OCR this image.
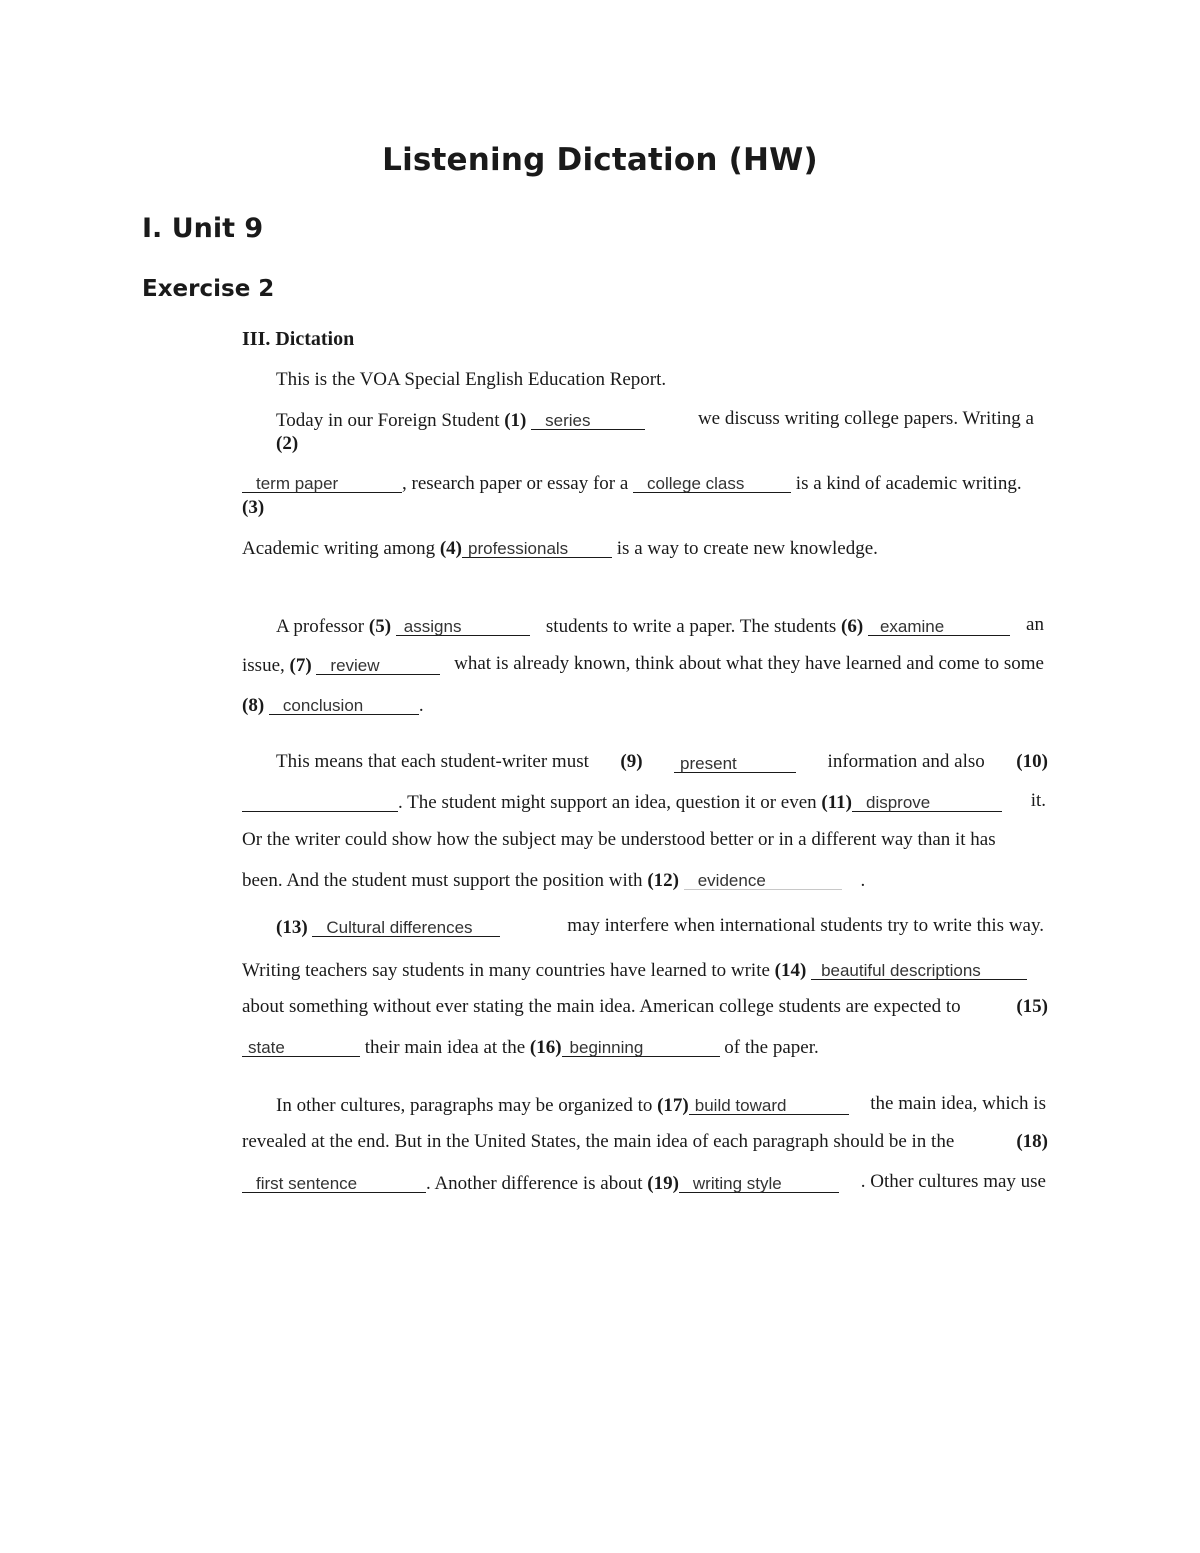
Listening Dictation (HW)
I. Unit 9
Exercise 2
III. Dictation
This is the VOA Special English Education Report.
Today in our Foreign Student (1) series	we discuss writing college papers. Writing a
(2)
term paper	, research paper or essay for a college class	is a kind of academic writing.
(3)
Academic writing among (4) professionals	is a way to create new knowledge.
A professor (5) assigns	students to write a paper. The students (6) examine	an
issue, (7) review	what is already known, think about what they have learned and come to some
(8) conclusion	.
This means that each student-writer must (9) present	information and also (10)
. The student might support an idea, question it or even (11) disprove	it.
Or the writer could show how the subject may be understood better or in a different way than it has
been. And the student must support the position with (12) evidence	.
(13) Cultural differences	may interfere when international students try to write this way.
Writing teachers say students in many countries have learned to write (14) beautiful descriptions
about something without ever stating the main idea. American college students are expected to	(15)
state	their main idea at the (16) beginning	of the paper.
In other cultures, paragraphs may be organized to (17) build toward	the main idea, which is
revealed at the end. But in the United States, the main idea of each paragraph should be in the	(18)
first sentence	. Another difference is about (19) writing style	. Other cultures may use
